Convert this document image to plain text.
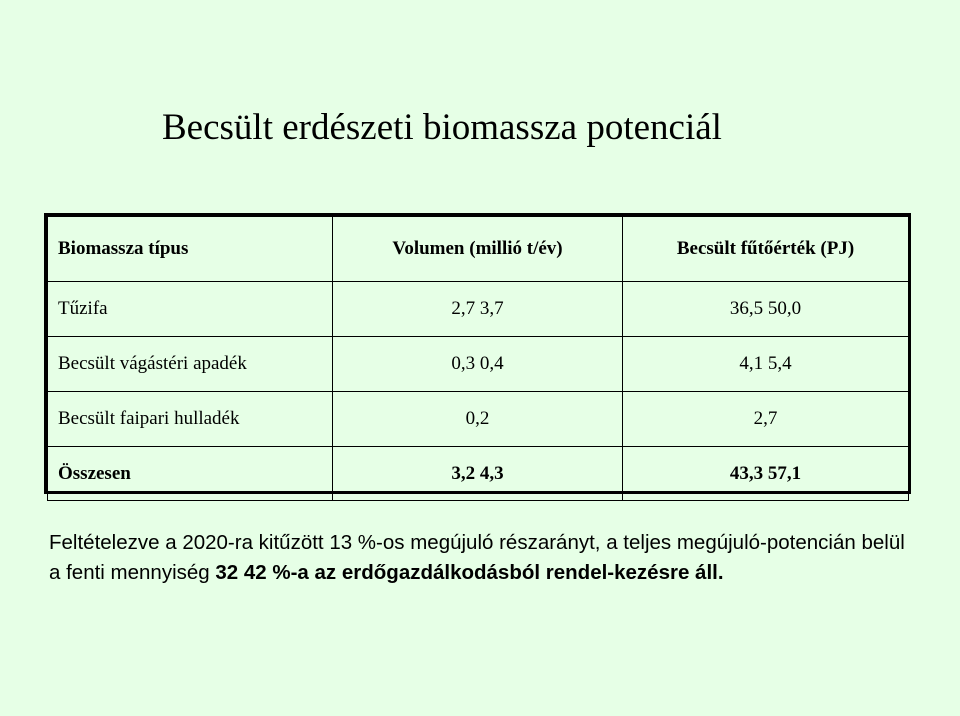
Becsült erdészeti biomassza potenciál
Biomassza típus	Volumen (millió t/év)	Becsült fűtőérték (PJ)
Tűzifa	2,7 3,7	36,5 50,0
Becsült vágástéri apadék	0,3 0,4	4,1 5,4
Becsült faipari hulladék	0,2	2,7
Összesen	3,2 4,3	43,3 57,1

Feltételezve a 2020-ra kitűzött 13 %-os megújuló részarányt, a teljes megújuló-potencián belül a fenti mennyiség 32 42 %-a az erdőgazdálkodásból rendel-kezésre áll.
